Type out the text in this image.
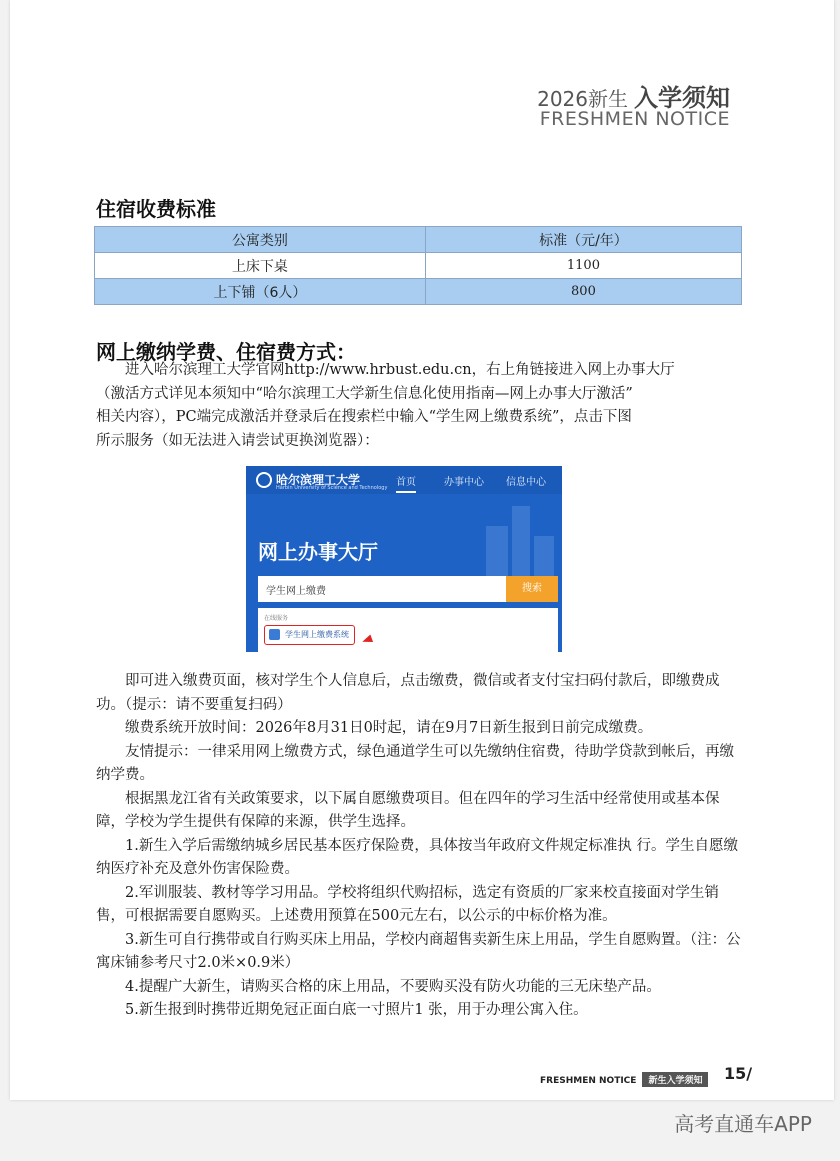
2026新生 入学须知
FRESHMEN NOTICE
住宿收费标准
公寓类别	标准（元/年）
上床下桌	1100
上下铺（6人）	800
网上缴纳学费、住宿费方式：

进入哈尔滨理工大学官网http://www.hrbust.edu.cn，右上角链接进入网上办事大厅

（激活方式详见本须知中“哈尔滨理工大学新生信息化使用指南—网上办事大厅激活”

相关内容），PC端完成激活并登录后在搜索栏中输入“学生网上缴费系统”，点击下图

所示服务（如无法进入请尝试更换浏览器）：

哈尔滨理工大学
Harbin University of Science and Technology 首页	办事中心 信息中心
网上办事大厅
学生网上缴费	搜索
在线服务
学生网上缴费系统

即可进入缴费页面，核对学生个人信息后，点击缴费，微信或者支付宝扫码付款后，即缴费成功。（提示：请不要重复扫码）

缴费系统开放时间：2026年8月31日0时起，请在9月7日新生报到日前完成缴费。

友情提示：一律采用网上缴费方式，绿色通道学生可以先缴纳住宿费，待助学贷款到帐后，再缴纳学费。

根据黑龙江省有关政策要求，以下属自愿缴费项目。但在四年的学习生活中经常使用或基本保障，学校为学生提供有保障的来源，供学生选择。

1.新生入学后需缴纳城乡居民基本医疗保险费，具体按当年政府文件规定标准执 行。学生自愿缴纳医疗补充及意外伤害保险费。

2.军训服装、教材等学习用品。学校将组织代购招标，选定有资质的厂家来校直接面对学生销售，可根据需要自愿购买。上述费用预算在500元左右，以公示的中标价格为准。

3.新生可自行携带或自行购买床上用品，学校内商超售卖新生床上用品，学生自愿购置。（注：公寓床铺参考尺寸2.0米×0.9米）

4.提醒广大新生，请购买合格的床上用品，不要购买没有防火功能的三无床垫产品。

5.新生报到时携带近期免冠正面白底一寸照片1 张，用于办理公寓入住。

FRESHMEN NOTICE 新生入学须知 15/
高考直通车APP
